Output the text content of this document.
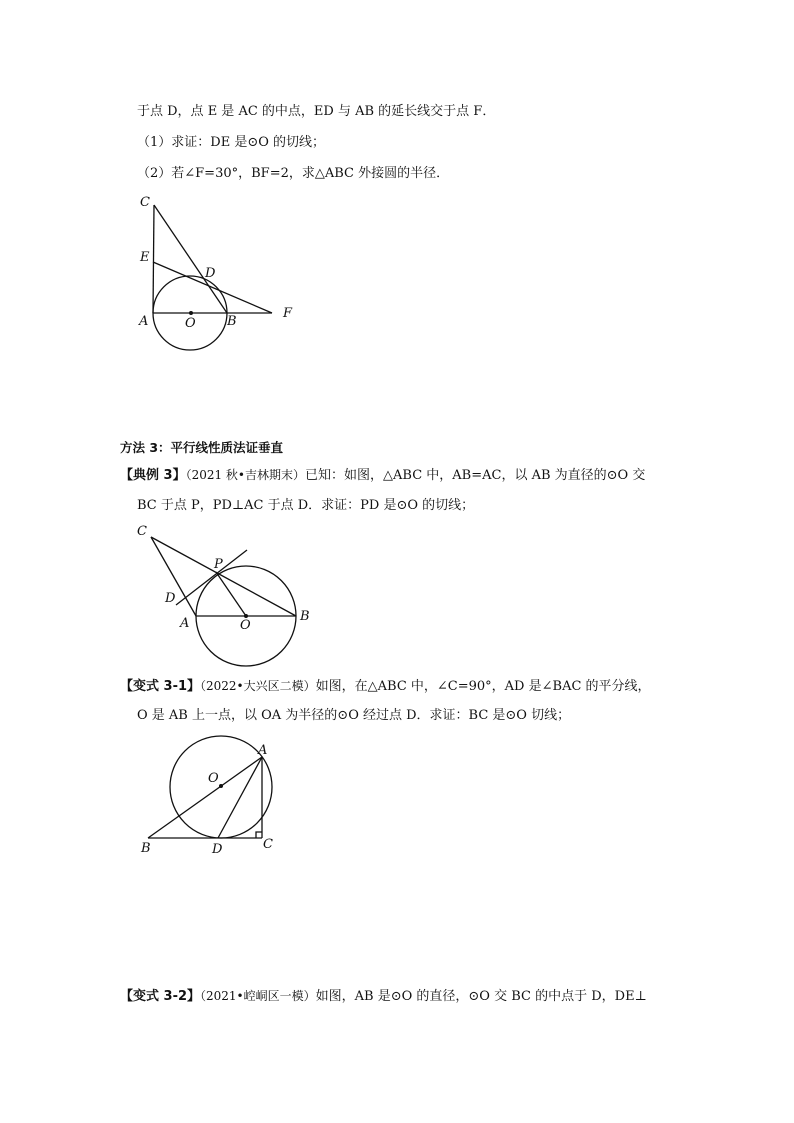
于点 D，点 E 是 AC 的中点，ED 与 AB 的延长线交于点 F．
（1）求证：DE 是⊙O 的切线；
（2）若∠F=30°，BF=2，求△ABC 外接圆的半径．
C
E
D
A	O B
F
方法 3：平行线性质法证垂直
【典例 3】（2021 秋•吉林期末）已知：如图，△ABC 中，AB=AC，以 AB 为直径的⊙O 交
BC 于点 P，PD⊥AC 于点 D．求证：PD 是⊙O 的切线；
C
P
D
A	O
B
【变式 3-1】（2022•大兴区二模）如图，在△ABC 中，∠C=90°，AD 是∠BAC 的平分线，
O 是 AB 上一点，以 OA 为半径的⊙O 经过点 D．求证：BC 是⊙O 切线；
A
O
B	D	C
【变式 3-2】（2021•崆峒区一模）如图，AB 是⊙O 的直径，⊙O 交 BC 的中点于 D，DE⊥
